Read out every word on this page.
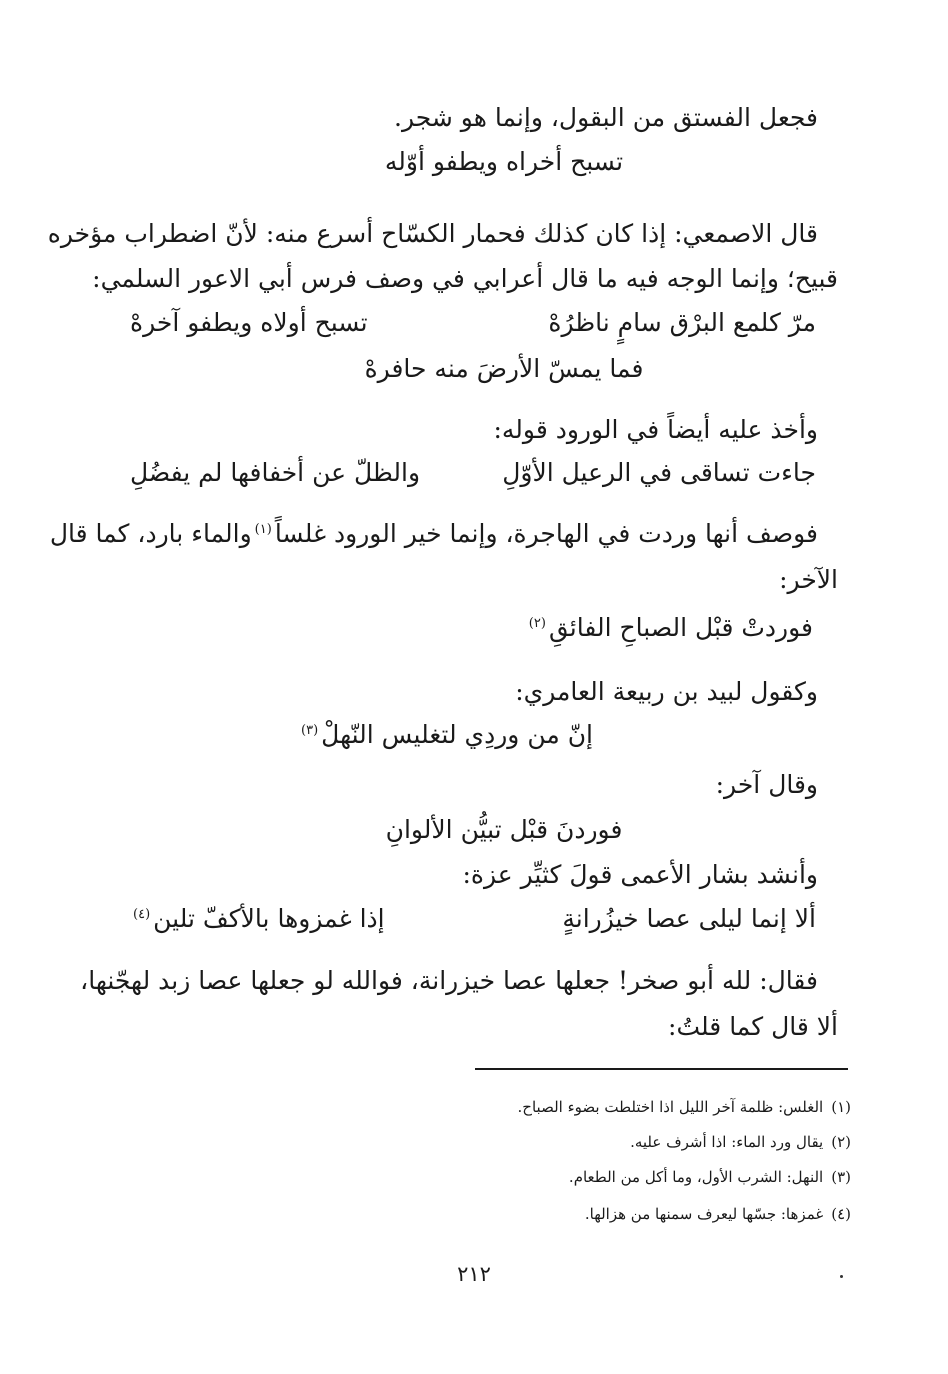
فجعل الفستق من البقول، وإنما هو شجر.
تسبح أخراه ويطفو أوّله
قال الاصمعي: إذا كان كذلك فحمار الكسّاح أسرع منه: لأنّ اضطراب مؤخره
قبيح؛ وإنما الوجه فيه ما قال أعرابي في وصف فرس أبي الاعور السلمي:
مرّ كلمع البرْق سامٍ ناظرُهْ
تسبح أولاه ويطفو آخرهْ
فما يمسّ الأرضَ منه حافرهْ
وأخذ عليه أيضاً في الورود قوله:
جاءت تساقى في الرعيل الأوّلِ
والظلّ عن أخفافها لم يفضُلِ
فوصف أنها وردت في الهاجرة، وإنما خير الورود غلساً$^{(١)}$
والماء بارد، كما قال
الآخر:
فوردتْ قبْل الصباحِ الفائقِ$^{(٢)}$
وكقول لبيد بن ربيعة العامري:
إنّ من وردِي لتغليس النّهلْ$^{(٣)}$
وقال آخر:
فوردنَ قبْل تبيُّن الألوانِ
وأنشد بشار الأعمى قولَ كثيِّر عزة:
ألا إنما ليلى عصا خيزُرانةٍ
إذا غمزوها بالأكفّ تلين$^{(٤)}$
فقال: لله أبو صخر! جعلها عصا خيزرانة، فوالله لو جعلها عصا زبد لهجّنها،
ألا قال كما قلتُ:
(١)الغلس: ظلمة آخر الليل اذا اختلطت بضوء الصباح.
(٢)يقال ورد الماء: اذا أشرف عليه.
(٣)النهل: الشرب الأول، وما أكل من الطعام.
(٤)غمزها: جسّها ليعرف سمنها من هزالها.
٢١٢
